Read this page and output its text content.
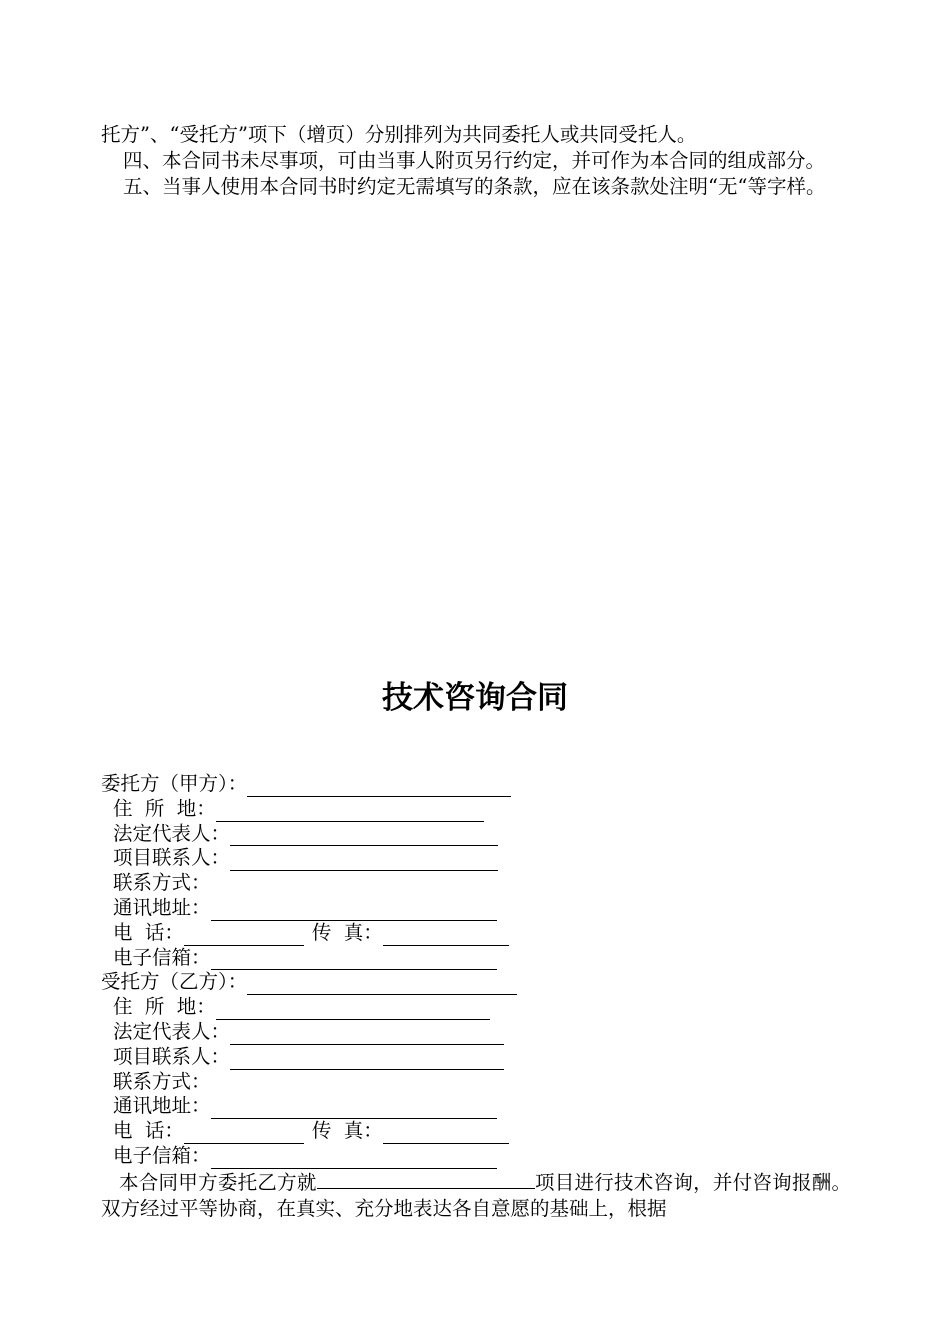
托方”、“受托方”项下（增页）分别排列为共同委托人或共同受托人。

四、本合同书未尽事项，可由当事人附页另行约定，并可作为本合同的组成部分。

五、当事人使用本合同书时约定无需填写的条款，应在该条款处注明“无“等字样。

技术咨询合同
委托方（甲方）：
住  所  地：
法定代表人：
项目联系人：
联系方式：
通讯地址：
电  话：	传  真：
电子信箱：
受托方（乙方）：
住  所  地：
法定代表人：
项目联系人：
联系方式：
通讯地址：
电  话：	传  真：
电子信箱：

本合同甲方委托乙方就	项目进行技术咨询，并付咨询报酬。双方经过平等协商，在真实、充分地表达各自意愿的基础上，根据
